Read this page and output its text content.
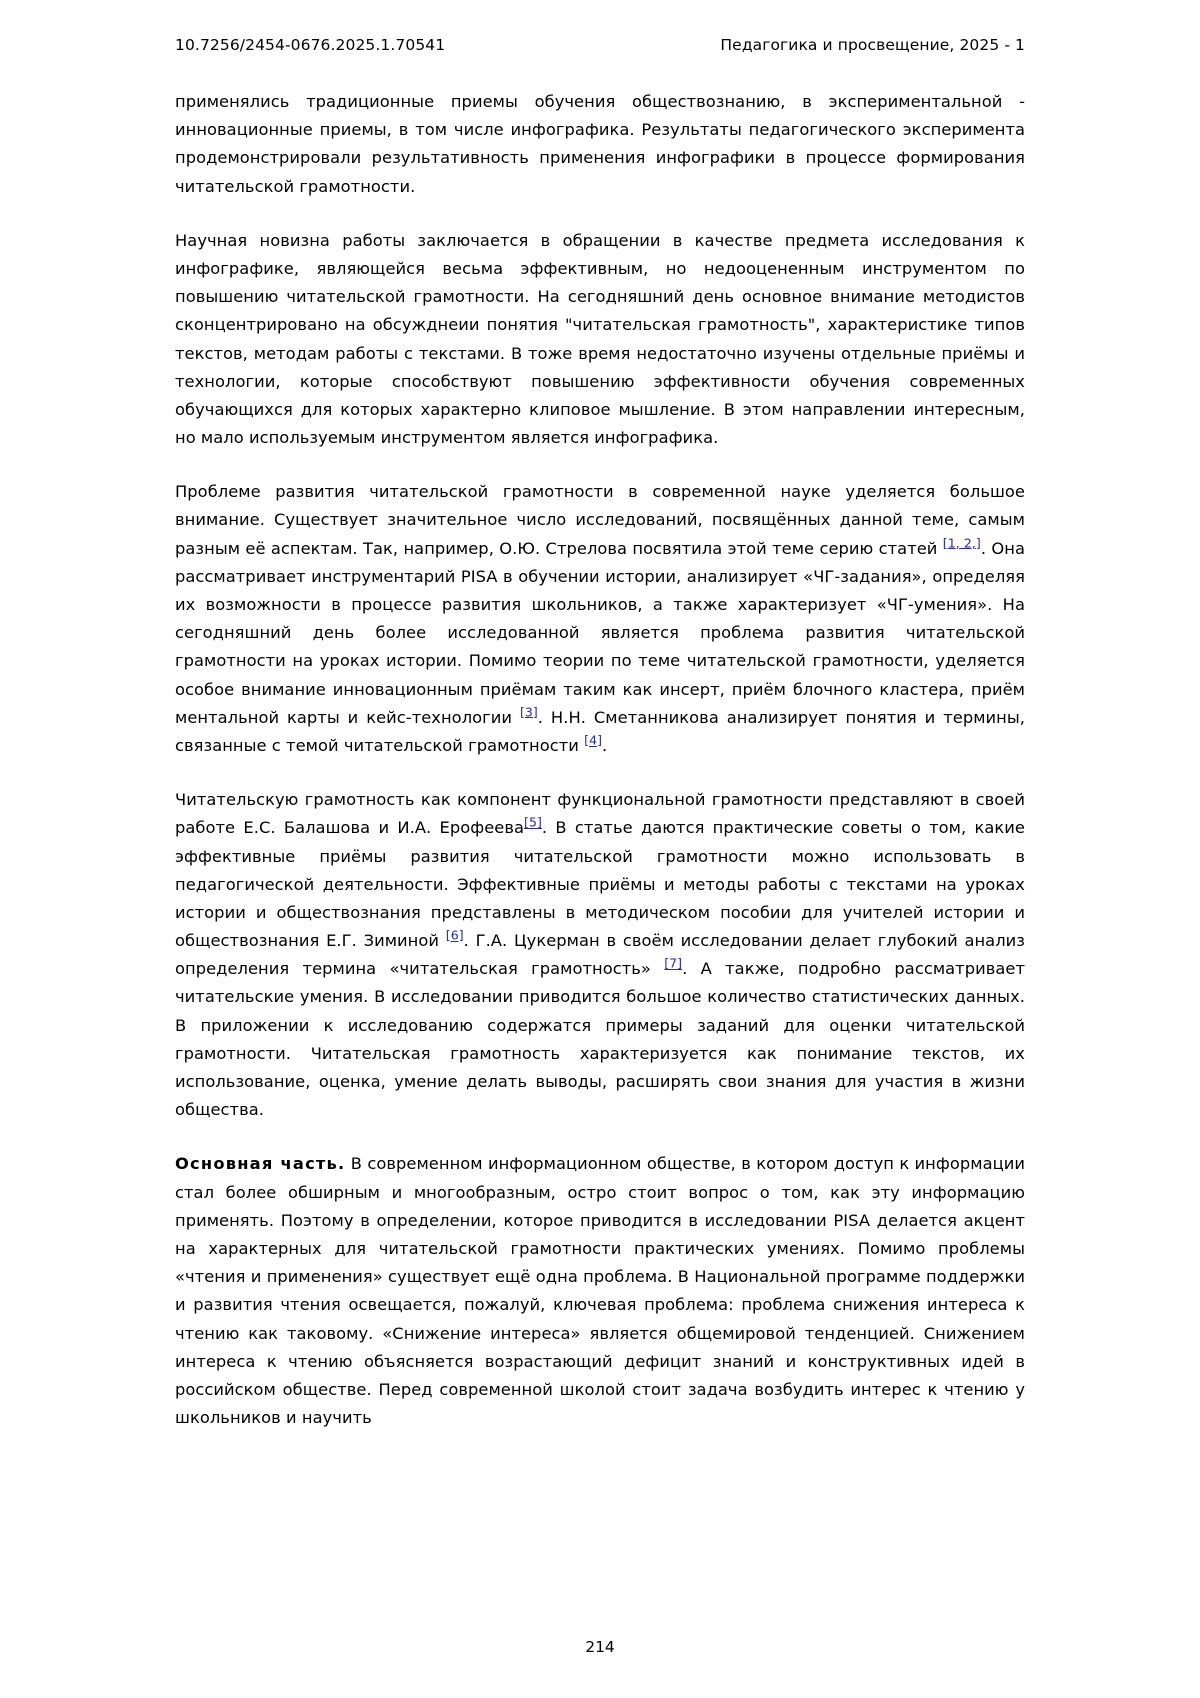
10.7256/2454-0676.2025.1.70541	Педагогика и просвещение, 2025 - 1

применялись традиционные приемы обучения обществознанию, в экспериментальной - инновационные приемы, в том числе инфографика. Результаты педагогического эксперимента продемонстрировали результативность применения инфографики в процессе формирования читательской грамотности.

Научная новизна работы заключается в обращении в качестве предмета исследования к инфографике, являющейся весьма эффективным, но недооцененным инструментом по повышению читательской грамотности. На сегодняшний день основное внимание методистов сконцентрировано на обсужднеии понятия "читательская грамотность", характеристике типов текстов, методам работы с текстами. В тоже время недостаточно изучены отдельные приёмы и технологии, которые способствуют повышению эффективности обучения современных обучающихся для которых характерно клиповое мышление. В этом направлении интересным, но мало используемым инструментом является инфографика.

Проблеме развития читательской грамотности в современной науке уделяется большое внимание. Существует значительное число исследований, посвящённых данной теме, самым разным её аспектам. Так, например, О.Ю. Стрелова посвятила этой теме серию статей [1, 2,]. Она рассматривает инструментарий PISA в обучении истории, анализирует «ЧГ-задания», определяя их возможности в процессе развития школьников, а также характеризует «ЧГ-умения». На сегодняшний день более исследованной является проблема развития читательской грамотности на уроках истории. Помимо теории по теме читательской грамотности, уделяется особое внимание инновационным приёмам таким как инсерт, приём блочного кластера, приём ментальной карты и кейс-технологии [3]. Н.Н. Сметанникова анализирует понятия и термины, связанные с темой читательской грамотности [4].

Читательскую грамотность как компонент функциональной грамотности представляют в своей работе Е.С. Балашова и И.А. Ерофеева[5]. В статье даются практические советы о том, какие эффективные приёмы развития читательской грамотности можно использовать в педагогической деятельности. Эффективные приёмы и методы работы с текстами на уроках истории и обществознания представлены в методическом пособии для учителей истории и обществознания Е.Г. Зиминой [6]. Г.А. Цукерман в своём исследовании делает глубокий анализ определения термина «читательская грамотность» [7]. А также, подробно рассматривает читательские умения. В исследовании приводится большое количество статистических данных. В приложении к исследованию содержатся примеры заданий для оценки читательской грамотности. Читательская грамотность характеризуется как понимание текстов, их использование, оценка, умение делать выводы, расширять свои знания для участия в жизни общества.

Основная часть. В современном информационном обществе, в котором доступ к информации стал более обширным и многообразным, остро стоит вопрос о том, как эту информацию применять. Поэтому в определении, которое приводится в исследовании PISA делается акцент на характерных для читательской грамотности практических умениях. Помимо проблемы «чтения и применения» существует ещё одна проблема. В Национальной программе поддержки и развития чтения освещается, пожалуй, ключевая проблема: проблема снижения интереса к чтению как таковому. «Снижение интереса» является общемировой тенденцией. Снижением интереса к чтению объясняется возрастающий дефицит знаний и конструктивных идей в российском обществе. Перед современной школой стоит задача возбудить интерес к чтению у школьников и научить

214
